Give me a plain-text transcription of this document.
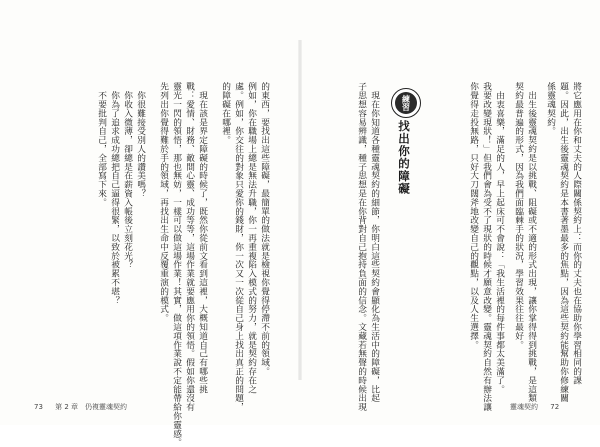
的東西，要找出這些障礙，最簡單的做法就是檢視你覺得停滯不前的領域。
例如，你在職場上總是無法升職，你一再重複陷入模式的努力，就是契約存在之
處。例如，你交往的對象只愛你的錢財，你一次又一次從自己身上找出真正的問題，
的障礙在哪裡。
　現在該是界定障礙的時候了，既然你從前文看到這裡，大概知道自己有哪些挑
戰：愛情、財務、敵間心靈、成功等等，這場作業就要應用你的領悟。假如你還沒有
靈光一閃的領悟，那也無妨，一樣可以做這場作業！其實，做這項作業說不定能帶給你靈感。
先列出你覺得難於手的領域，再找出生命中反覆重演的模式。
　你很難接受別人的讚美嗎？
　你收入微薄，卻總是在薪資入帳後立刻花光？
　你為了追求成功總把自己逼得很緊，以致於被累不堪？
　不要批判自己，全部寫下來。
73 第 2 章　仍複靈魂契約
將它應用在你和丈夫的人際關係契約上：而你的丈夫也在協助你學習相同的課
題。因此，出生後靈魂契約是本書著墨最多的焦點，因為這些契約能幫助你修練關
係靈魂契約。
　出生後靈魂契約是以挑戰、阻礙或不適的形式出現，讓你掌得得到挑戰，是這類
契約最普遍的形式，因為我們面臨棘手的狀況，學習效果往往最好。
　由衷喜樂，滿足的人，早上起床可不會說：「我生活裡的每件事都太美滿了。
我要改變現狀！」但我們會為受不了現狀的時候才願意改變。靈魂契約自然有辦法讓
你覺得走投無路，只好大刀闊斧地改變自己的觀點，以及人生選擇。
練習
找出你的障礙
　現在你知道各種靈魂契約的細節，你明白這些契約會顯化為生活中的障礙，比起
子思想容易辨識，種子思想是在你背對自己抱持負面的信念。文藏若無聲的時候出現	靈魂契約 72
